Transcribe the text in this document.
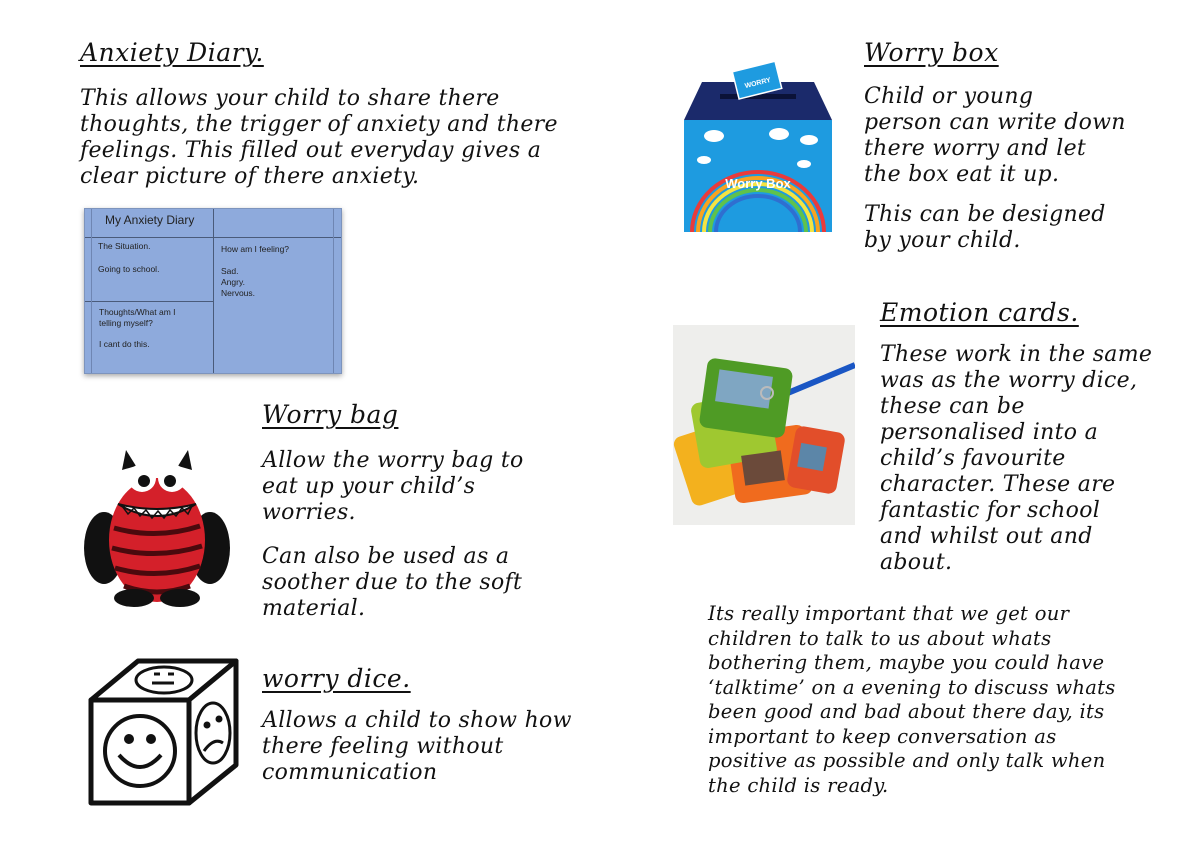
Anxiety Diary.

This allows your child to share there
thoughts, the trigger of anxiety and there
feelings. This filled out everyday gives a
clear picture of there anxiety.

My Anxiety Diary
The Situation.
Going to school.
How am I feeling?
Sad.
Angry.
Nervous.
Thoughts/What am I
telling myself?
I cant do this.
Worry bag

Allow the worry bag to
eat up your child’s
worries.

Can also be used as a
soother due to the soft
material.

worry dice.

Allows a child to show how
there feeling without
communication

Worry box

Child or young
person can write down
there worry and let
the box eat it up.

This can be designed
by your child.

WORRY
Worry Box
Emotion cards.

These work in the same
was as the worry dice,
these can be
personalised into a
child’s favourite
character. These are
fantastic for school
and whilst out and
about.

Its really important that we get our
children to talk to us about whats
bothering them, maybe you could have
‘talktime’ on a evening to discuss whats
been good and bad about there day, its
important to keep conversation as
positive as possible and only talk when
the child is ready.
